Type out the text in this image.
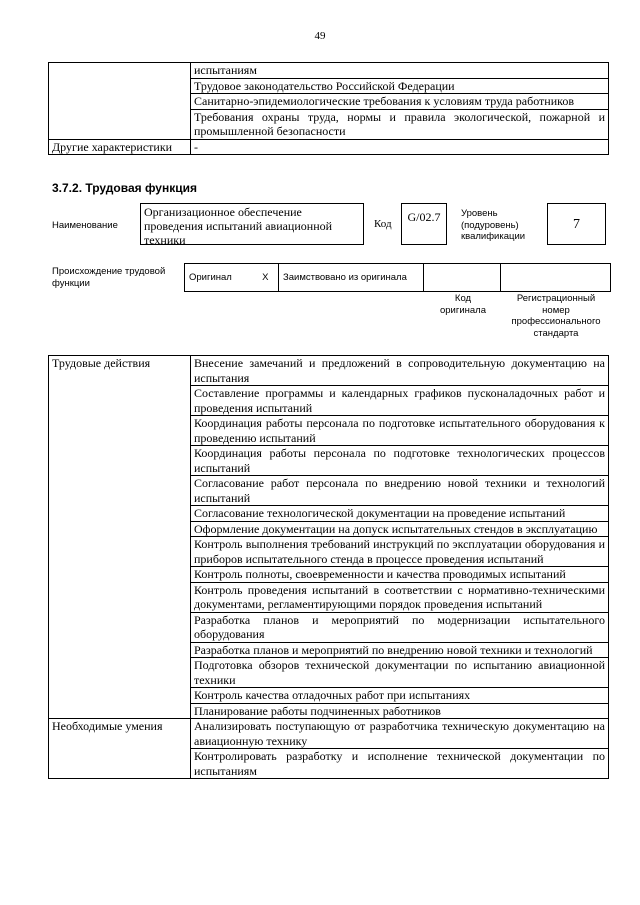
49
	испытаниям
	Трудовое законодательство Российской Федерации
	Санитарно-эпидемиологические требования к условиям труда работников
	Требования охраны труда, нормы и правила экологической, пожарной и промышленной безопасности
Другие характеристики	-
3.7.2. Трудовая функция
Наименование
Организационное обеспечение проведения испытаний авиационной техники
Код	G/02.7	Уровень (подуровень) квалификации
7
Происхождение трудовой функции	Оригинал	X	Заимствовано из оригинала		
Код оригинала
Регистрационный номер профессионального стандарта
Трудовые действия	Внесение замечаний и предложений в сопроводительную документацию на испытания
	Составление программы и календарных графиков пусконаладочных работ и проведения испытаний
	Координация работы персонала по подготовке испытательного оборудования к проведению испытаний
	Координация работы персонала по подготовке технологических процессов испытаний
	Согласование работ персонала по внедрению новой техники и технологий испытаний
	Согласование технологической документации на проведение испытаний
	Оформление документации на допуск испытательных стендов в эксплуатацию
	Контроль выполнения требований инструкций по эксплуатации оборудования и приборов испытательного стенда в процессе проведения испытаний
	Контроль полноты, своевременности и качества проводимых испытаний
	Контроль проведения испытаний в соответствии с нормативно-техническими документами, регламентирующими порядок проведения испытаний
	Разработка планов и мероприятий по модернизации испытательного оборудования
	Разработка планов и мероприятий по внедрению новой техники и технологий
	Подготовка обзоров технической документации по испытанию авиационной техники
	Контроль качества отладочных работ при испытаниях
	Планирование работы подчиненных работников
Необходимые умения	Анализировать поступающую от разработчика техническую документацию на авиационную технику
	Контролировать разработку и исполнение технической документации по испытаниям
